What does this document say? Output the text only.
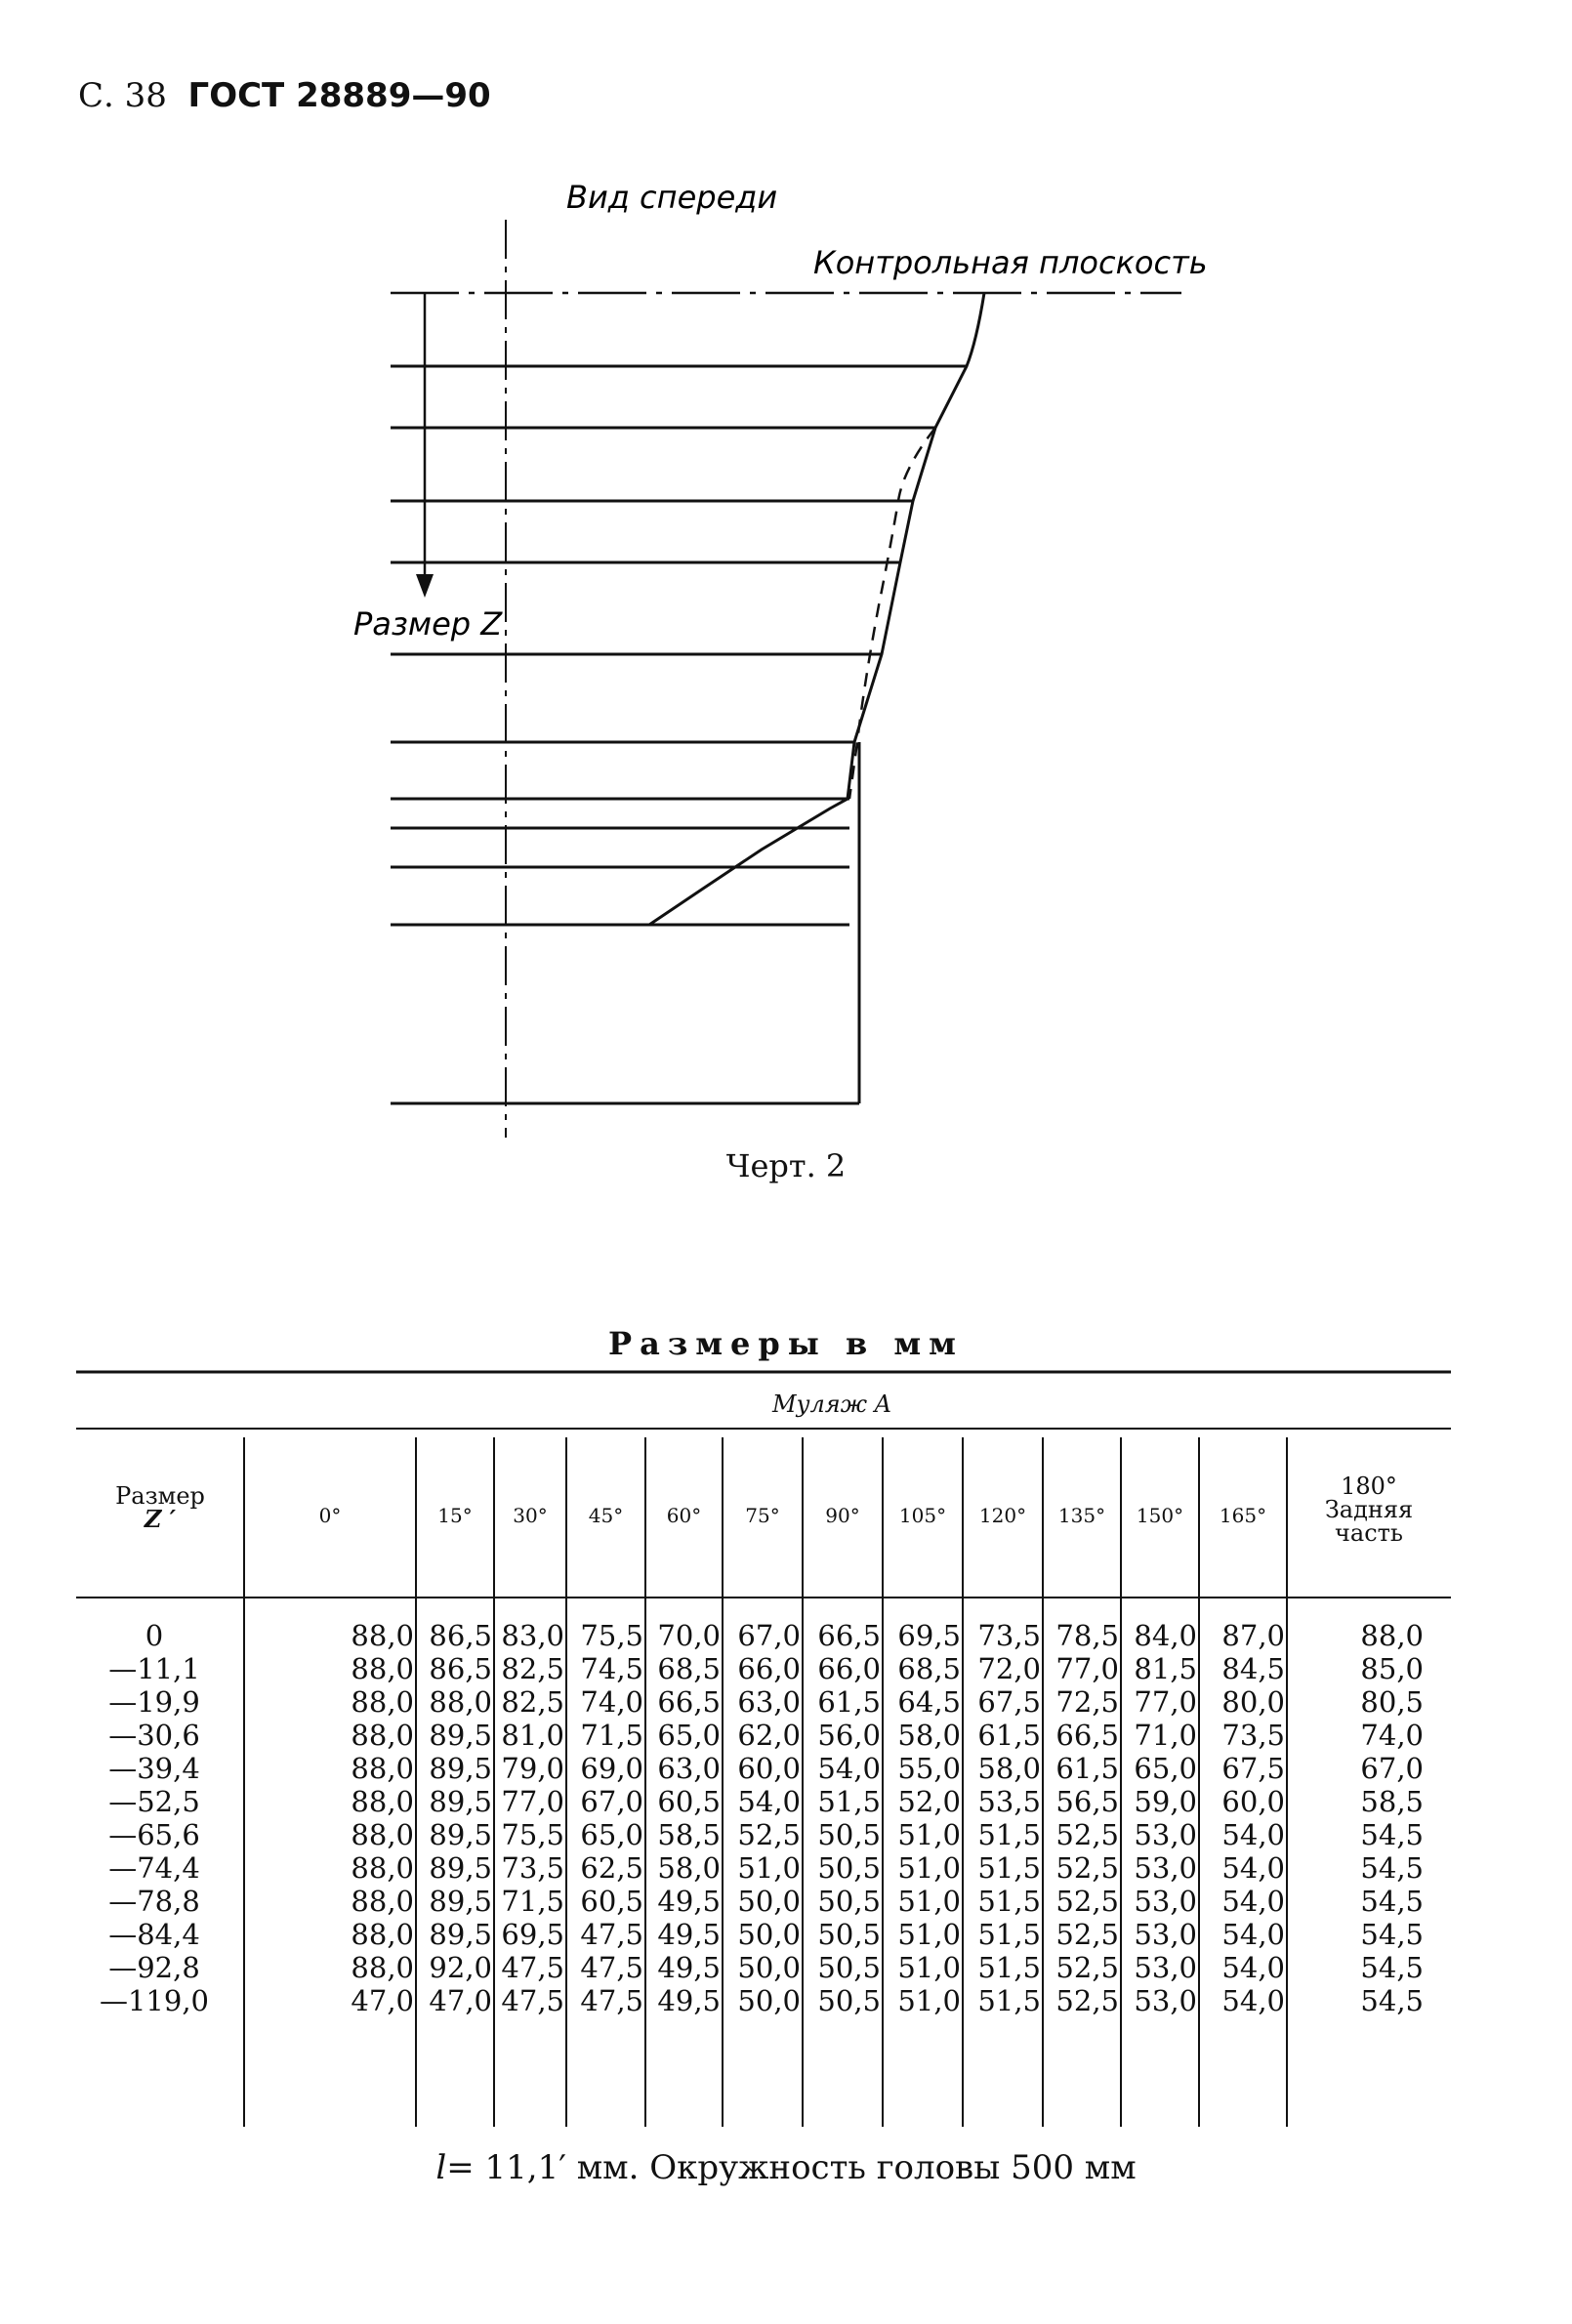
С. 38 ГОСТ 28889—90
Вид спереди
Контрольная плоскость
Размер Z
Черт. 2
Размеры в мм
Муляж A
Размер
Z ′	0°	15°	30°	45°	60°	75°	90°	105°	120°	135°	150°	165°
180°
Задняя
часть
0	88,0 86,5 83,0 75,5 70,0 67,0 66,5 69,5 73,5 78,5 84,0 87,0	88,0
—11,1	88,0 86,5 82,5 74,5 68,5 66,0 66,0 68,5 72,0 77,0 81,5 84,5	85,0
—19,9	88,0 88,0 82,5 74,0 66,5 63,0 61,5 64,5 67,5 72,5 77,0 80,0	80,5
—30,6	88,0 89,5 81,0 71,5 65,0 62,0 56,0 58,0 61,5 66,5 71,0 73,5	74,0
—39,4	88,0 89,5 79,0 69,0 63,0 60,0 54,0 55,0 58,0 61,5 65,0 67,5	67,0
—52,5	88,0 89,5 77,0 67,0 60,5 54,0 51,5 52,0 53,5 56,5 59,0 60,0	58,5
—65,6	88,0 89,5 75,5 65,0 58,5 52,5 50,5 51,0 51,5 52,5 53,0 54,0	54,5
—74,4	88,0 89,5 73,5 62,5 58,0 51,0 50,5 51,0 51,5 52,5 53,0 54,0	54,5
—78,8	88,0 89,5 71,5 60,5 49,5 50,0 50,5 51,0 51,5 52,5 53,0 54,0	54,5
—84,4	88,0 89,5 69,5 47,5 49,5 50,0 50,5 51,0 51,5 52,5 53,0 54,0	54,5
—92,8	88,0 92,0 47,5 47,5 49,5 50,0 50,5 51,0 51,5 52,5 53,0 54,0	54,5
—119,0	47,0 47,0 47,5 47,5 49,5 50,0 50,5 51,0 51,5 52,5 53,0 54,0	54,5
l= 11,1′ мм. Окружность головы 500 мм
